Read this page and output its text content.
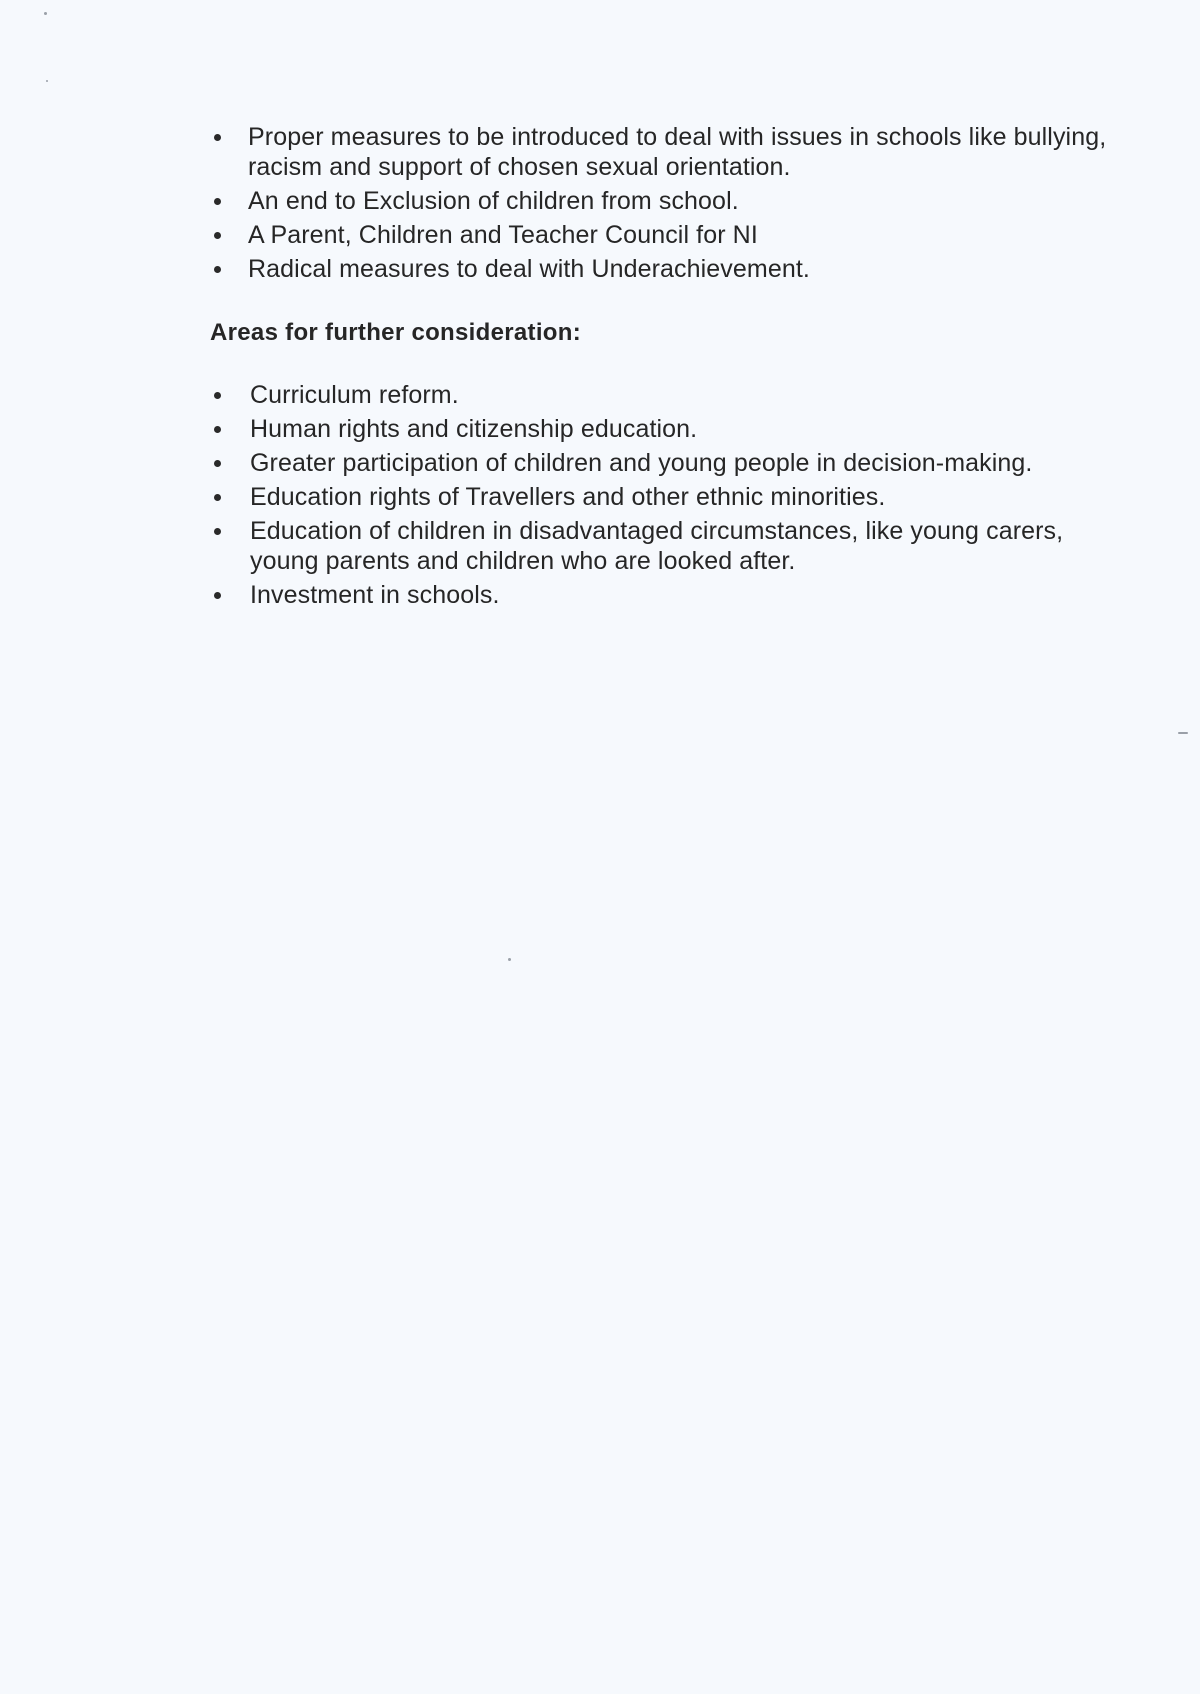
Proper measures to be introduced to deal with issues in schools like bullying, racism and support of chosen sexual orientation.
An end to Exclusion of children from school.
A Parent, Children and Teacher Council for NI
Radical measures to deal with Underachievement.
Areas for further consideration:
Curriculum reform.
Human rights and citizenship education.
Greater participation of children and young people in decision-making.
Education rights of Travellers and other ethnic minorities.
Education of children in disadvantaged circumstances, like young carers, young parents and children who are looked after.
Investment in schools.
